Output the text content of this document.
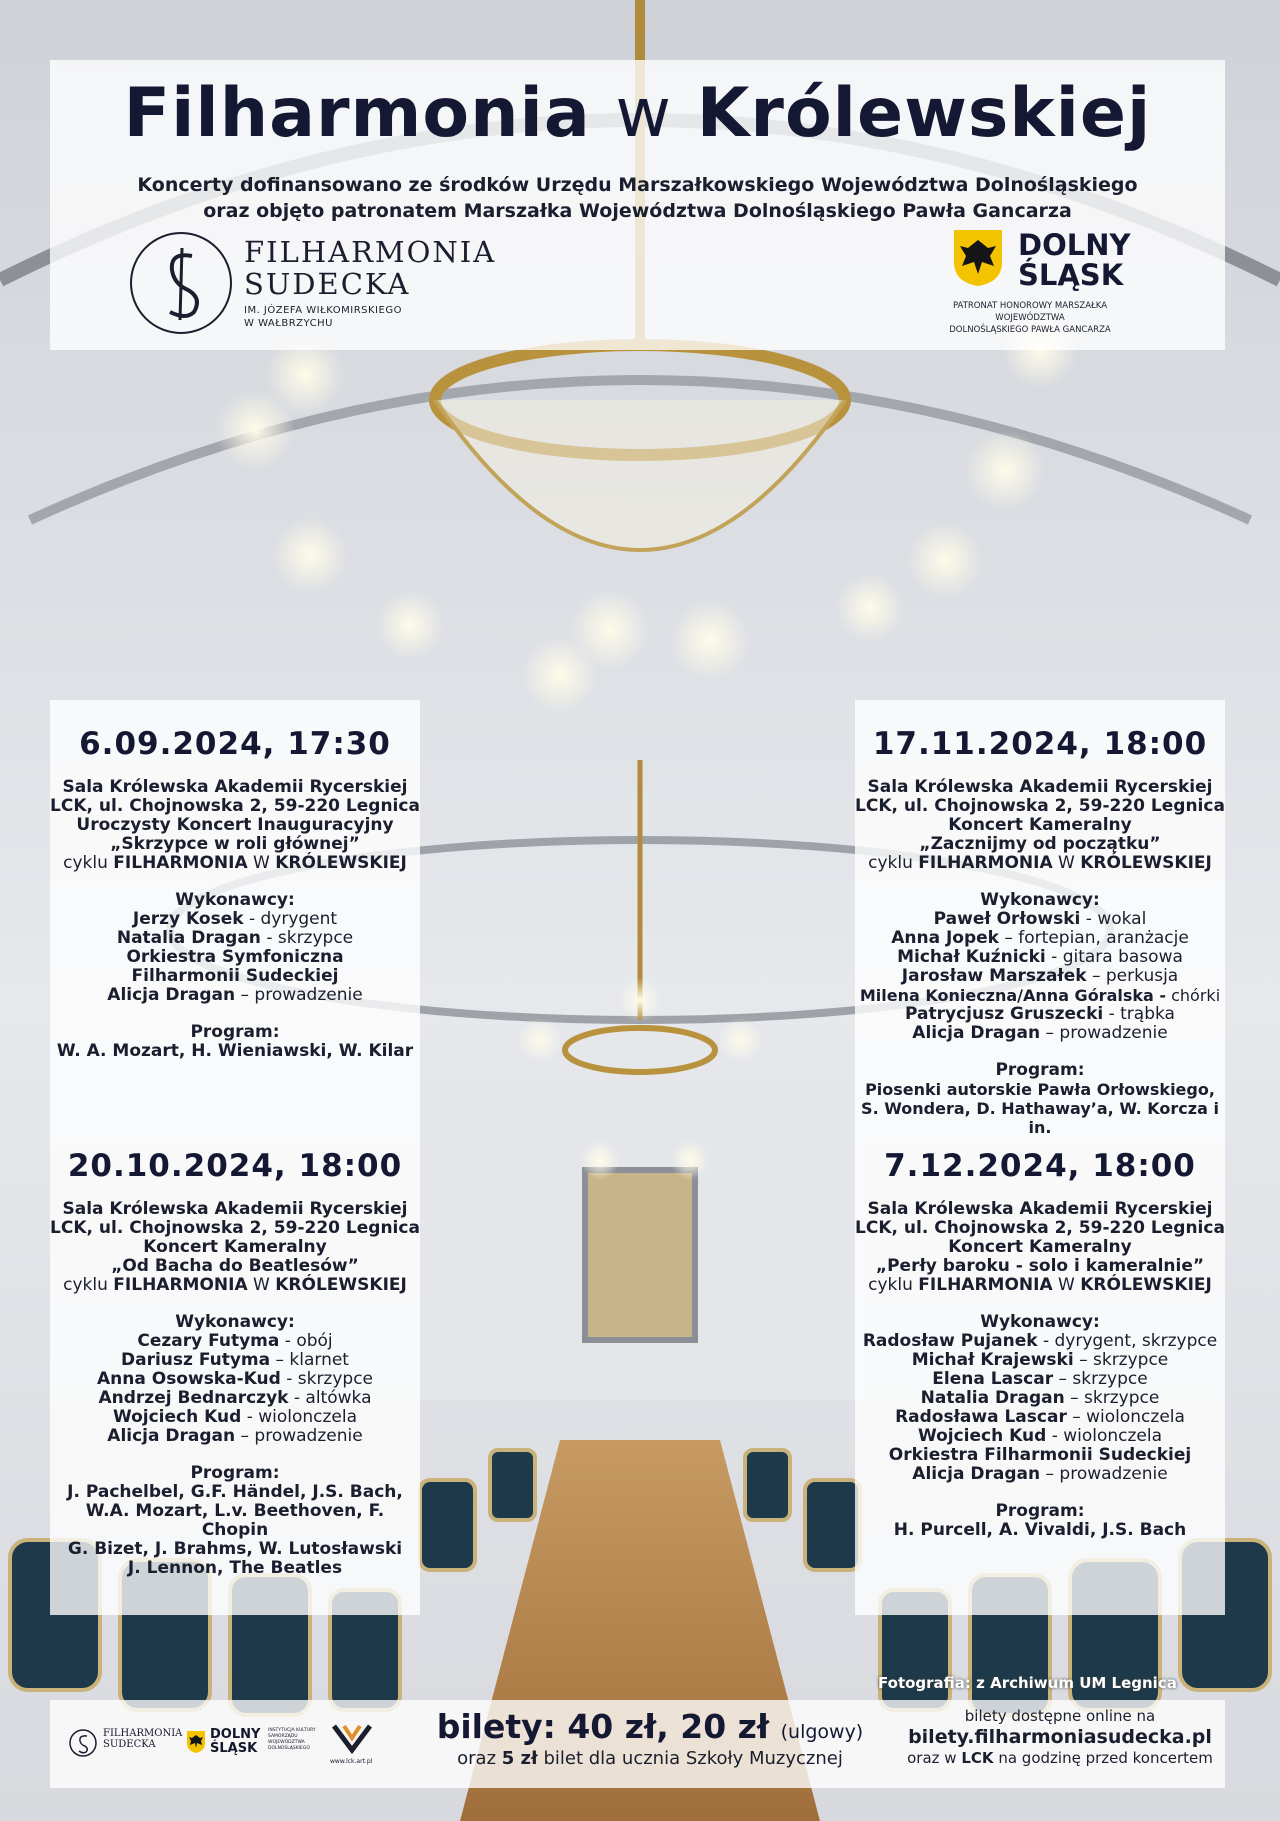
Filharmonia w Królewskiej
Koncerty dofinansowano ze środków Urzędu Marszałkowskiego Województwa Dolnośląskiego
oraz objęto patronatem Marszałka Województwa Dolnośląskiego Pawła Gancarza
FILHARMONIA
SUDECKA
IM. JÓZEFA WIŁKOMIRSKIEGO
W WAŁBRZYCHU
DOLNY
ŚLĄSK
PATRONAT HONOROWY MARSZAŁKA WOJEWÓDZTWA
DOLNOŚLĄSKIEGO PAWŁA GANCARZA
6.09.2024, 17:30
Sala Królewska Akademii Rycerskiej
LCK, ul. Chojnowska 2, 59-220 Legnica
Uroczysty Koncert Inauguracyjny
„Skrzypce w roli głównej”
cyklu FILHARMONIA W KRÓLEWSKIEJ
Wykonawcy:
Jerzy Kosek - dyrygent
Natalia Dragan - skrzypce
Orkiestra Symfoniczna
Filharmonii Sudeckiej
Alicja Dragan – prowadzenie
Program:
W. A. Mozart, H. Wieniawski, W. Kilar
20.10.2024, 18:00
Sala Królewska Akademii Rycerskiej
LCK, ul. Chojnowska 2, 59-220 Legnica
Koncert Kameralny
„Od Bacha do Beatlesów”
cyklu FILHARMONIA W KRÓLEWSKIEJ
Wykonawcy:
Cezary Futyma - obój
Dariusz Futyma – klarnet
Anna Osowska-Kud - skrzypce
Andrzej Bednarczyk - altówka
Wojciech Kud - wiolonczela
Alicja Dragan – prowadzenie
Program:
J. Pachelbel, G.F. Händel, J.S. Bach,
W.A. Mozart, L.v. Beethoven, F. Chopin
G. Bizet, J. Brahms, W. Lutosławski
J. Lennon, The Beatles
17.11.2024, 18:00
Sala Królewska Akademii Rycerskiej
LCK, ul. Chojnowska 2, 59-220 Legnica
Koncert Kameralny
„Zacznijmy od początku”
cyklu FILHARMONIA W KRÓLEWSKIEJ
Wykonawcy:
Paweł Orłowski - wokal
Anna Jopek – fortepian, aranżacje
Michał Kuźnicki - gitara basowa
Jarosław Marszałek – perkusja
Milena Konieczna/Anna Góralska - chórki
Patrycjusz Gruszecki - trąbka
Alicja Dragan – prowadzenie
Program:
Piosenki autorskie Pawła Orłowskiego,
S. Wondera, D. Hathaway’a, W. Korcza i in.
7.12.2024, 18:00
Sala Królewska Akademii Rycerskiej
LCK, ul. Chojnowska 2, 59-220 Legnica
Koncert Kameralny
„Perły baroku - solo i kameralnie”
cyklu FILHARMONIA W KRÓLEWSKIEJ
Wykonawcy:
Radosław Pujanek - dyrygent, skrzypce
Michał Krajewski – skrzypce
Elena Lascar – skrzypce
Natalia Dragan – skrzypce
Radosława Lascar – wiolonczela
Wojciech Kud - wiolonczela
Orkiestra Filharmonii Sudeckiej
Alicja Dragan – prowadzenie
Program:
H. Purcell, A. Vivaldi, J.S. Bach
Fotografia: z Archiwum UM Legnica
FILHARMONIA
SUDECKA
DOLNY
ŚLĄSK
INSTYTUCJA KULTURY SAMORZĄDU WOJEWÓDZTWA DOLNOŚLĄSKIEGO
www.lck.art.pl
bilety: 40 zł, 20 zł (ulgowy)
oraz 5 zł bilet dla ucznia Szkoły Muzycznej
bilety dostępne online na
bilety.filharmoniasudecka.pl
oraz w LCK na godzinę przed koncertem
